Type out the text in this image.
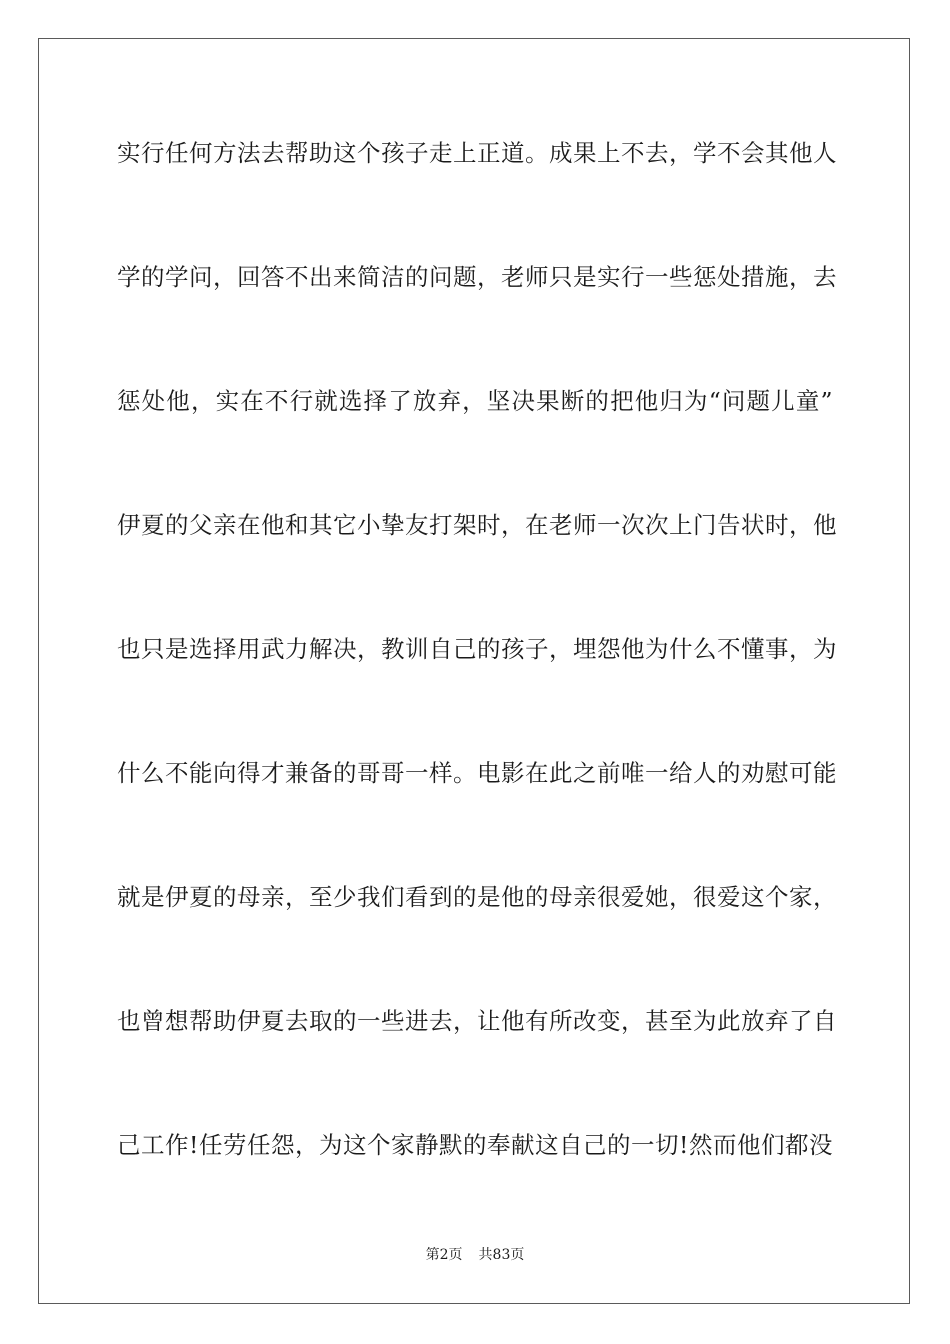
实行任何方法去帮助这个孩子走上正道。成果上不去，学不会其他人
学的学问，回答不出来简洁的问题，老师只是实行一些惩处措施，去
惩处他，实在不行就选择了放弃，坚决果断的把他归为“问题儿童”
伊夏的父亲在他和其它小挚友打架时，在老师一次次上门告状时，他
也只是选择用武力解决，教训自己的孩子，埋怨他为什么不懂事，为
什么不能向得才兼备的哥哥一样。电影在此之前唯一给人的劝慰可能
就是伊夏的母亲，至少我们看到的是他的母亲很爱她，很爱这个家，
也曾想帮助伊夏去取的一些进去，让他有所改变，甚至为此放弃了自
己工作!任劳任怨，为这个家静默的奉献这自己的一切!然而他们都没
第2页 共83页
